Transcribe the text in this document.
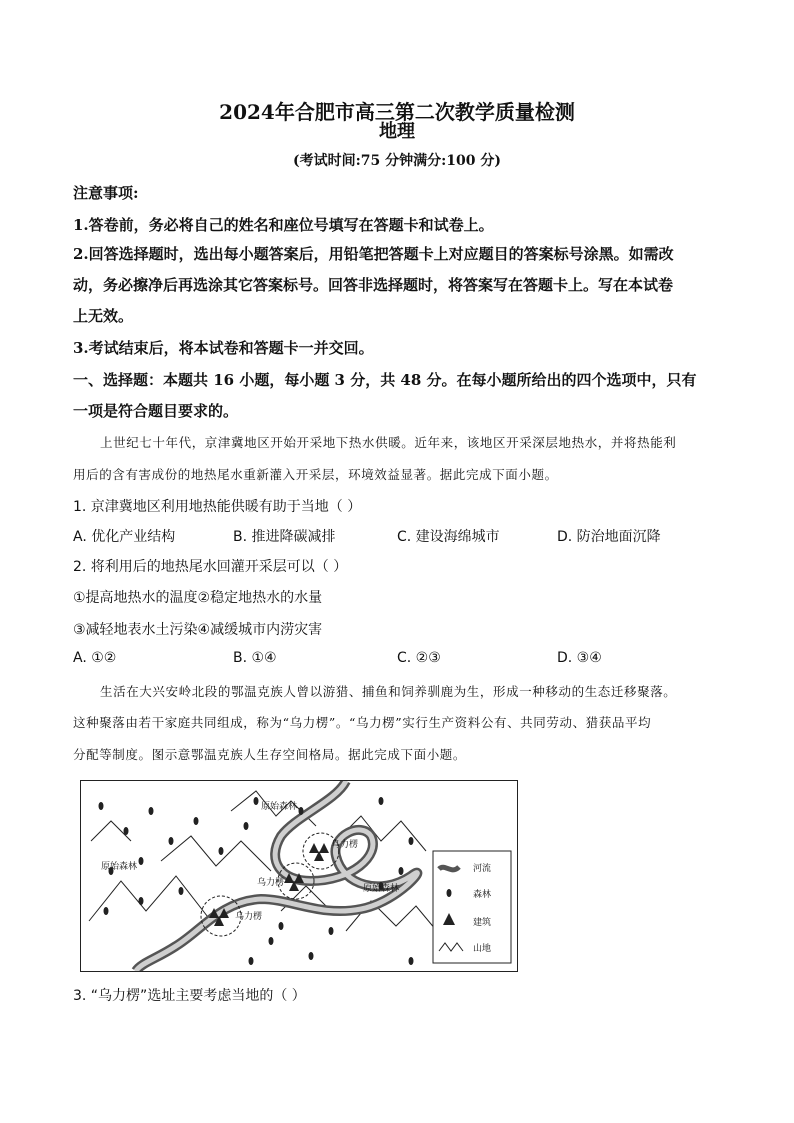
2024年合肥市高三第二次教学质量检测
地理
(考试时间:75 分钟满分:100 分)
注意事项:
1.答卷前，务必将自己的姓名和座位号填写在答题卡和试卷上。
2.回答选择题时，选出每小题答案后，用铅笔把答题卡上对应题目的答案标号涂黑。如需改
动，务必擦净后再选涂其它答案标号。回答非选择题时，将答案写在答题卡上。写在本试卷
上无效。
3.考试结束后，将本试卷和答题卡一并交回。
一、选择题：本题共 16 小题，每小题 3 分，共 48 分。在每小题所给出的四个选项中，只有
一项是符合题目要求的。
上世纪七十年代，京津冀地区开始开采地下热水供暖。近年来，该地区开采深层地热水，并将热能利
用后的含有害成份的地热尾水重新灌入开采层，环境效益显著。据此完成下面小题。
1. 京津冀地区利用地热能供暖有助于当地（ ）
A. 优化产业结构	B. 推进降碳减排	C. 建设海绵城市	D. 防治地面沉降
2. 将利用后的地热尾水回灌开采层可以（ ）
①提高地热水的温度②稳定地热水的水量
③减轻地表水土污染④减缓城市内涝灾害
A. ①②	B. ①④	C. ②③	D. ③④
生活在大兴安岭北段的鄂温克族人曾以游猎、捕鱼和饲养驯鹿为生，形成一种移动的生态迁移聚落。
这种聚落由若干家庭共同组成，称为“乌力楞”。“乌力楞”实行生产资料公有、共同劳动、猎获品平均
分配等制度。图示意鄂温克族人生存空间格局。据此完成下面小题。
原始森林
原始森林
原始森林
乌力楞
乌力楞
乌力楞
河流
森林
建筑
山地
3. “乌力楞”选址主要考虑当地的（ ）
